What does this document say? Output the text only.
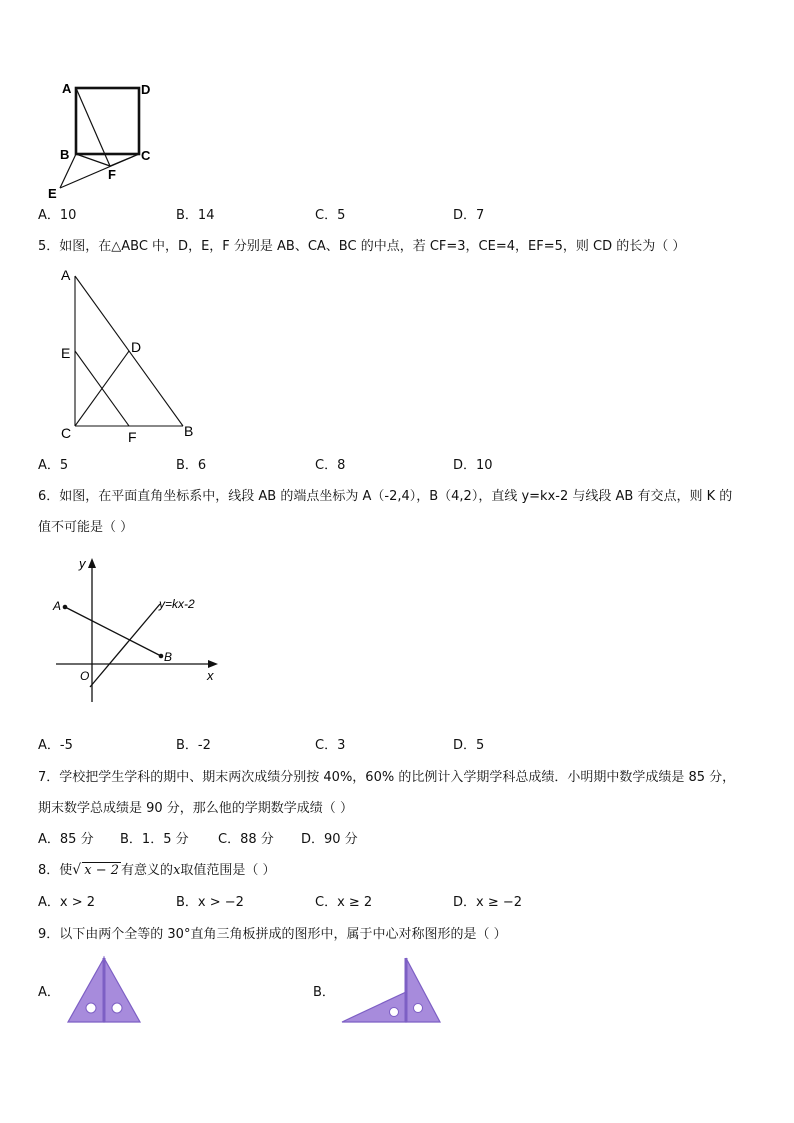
A	D
B	C
F
E
A．10	B．14	C．5	D．7
5．如图，在△ABC 中，D，E，F 分别是 AB、CA、BC 的中点，若 CF=3，CE=4，EF=5，则 CD 的长为（ ）
A
E	D
C	F	B
A．5	B．6	C．8	D．10
6．如图，在平面直角坐标系中，线段 AB 的端点坐标为 A（-2,4），B（4,2），直线 y=kx-2 与线段 AB 有交点，则 K 的
值不可能是（ ）
y
x
O
A
B
y=kx-2
A．-5	B．-2	C．3	D．5
7．学校把学生学科的期中、期末两次成绩分别按 40%，60% 的比例计入学期学科总成绩．小明期中数学成绩是 85 分，
期末数学总成绩是 90 分，那么他的学期数学成绩（ ）
A．85 分 B．1．5 分 C．88 分 D．90 分
8．使 √ x − 2 有意义的x取值范围是（ ）
A．x > 2	B．x > −2	C．x ≥ 2	D．x ≥ −2
9．以下由两个全等的 30°直角三角板拼成的图形中，属于中心对称图形的是（ ）
A．	B．
